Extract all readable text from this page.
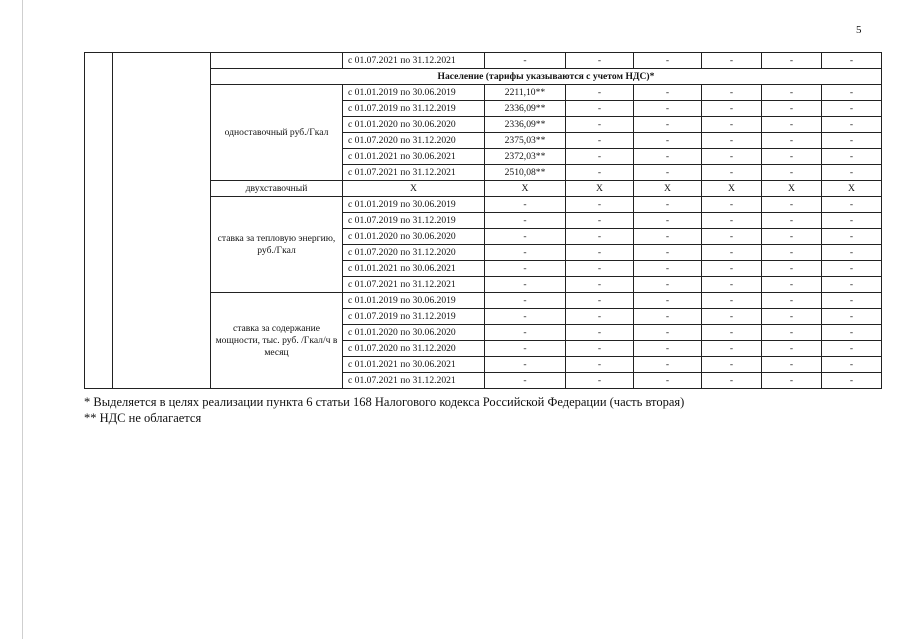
5
			с 01.07.2021 по 31.12.2021	-	-	-	-	-	-
		Население (тарифы указываются с учетом НДС)*							
		одноставочный руб./Гкал	с 01.01.2019 по 30.06.2019	2211,10**	-	-	-	-	-
			с 01.07.2019 по 31.12.2019	2336,09**	-	-	-	-	-
			с 01.01.2020 по 30.06.2020	2336,09**	-	-	-	-	-
			с 01.07.2020 по 31.12.2020	2375,03**	-	-	-	-	-
			с 01.01.2021 по 30.06.2021	2372,03**	-	-	-	-	-
			с 01.07.2021 по 31.12.2021	2510,08**	-	-	-	-	-
		двухставочный	X	X	X	X	X	X	X
		ставка за тепловую энергию, руб./Гкал	с 01.01.2019 по 30.06.2019	-	-	-	-	-	-
			с 01.07.2019 по 31.12.2019	-	-	-	-	-	-
			с 01.01.2020 по 30.06.2020	-	-	-	-	-	-
			с 01.07.2020 по 31.12.2020	-	-	-	-	-	-
			с 01.01.2021 по 30.06.2021	-	-	-	-	-	-
			с 01.07.2021 по 31.12.2021	-	-	-	-	-	-
		ставка за содержание мощности, тыс. руб. /Гкал/ч в месяц	с 01.01.2019 по 30.06.2019	-	-	-	-	-	-
			с 01.07.2019 по 31.12.2019	-	-	-	-	-	-
			с 01.01.2020 по 30.06.2020	-	-	-	-	-	-
			с 01.07.2020 по 31.12.2020	-	-	-	-	-	-
			с 01.01.2021 по 30.06.2021	-	-	-	-	-	-
			с 01.07.2021 по 31.12.2021	-	-	-	-	-	-
* Выделяется в целях реализации пункта 6 статьи 168 Налогового кодекса Российской Федерации (часть вторая)
** НДС не облагается
